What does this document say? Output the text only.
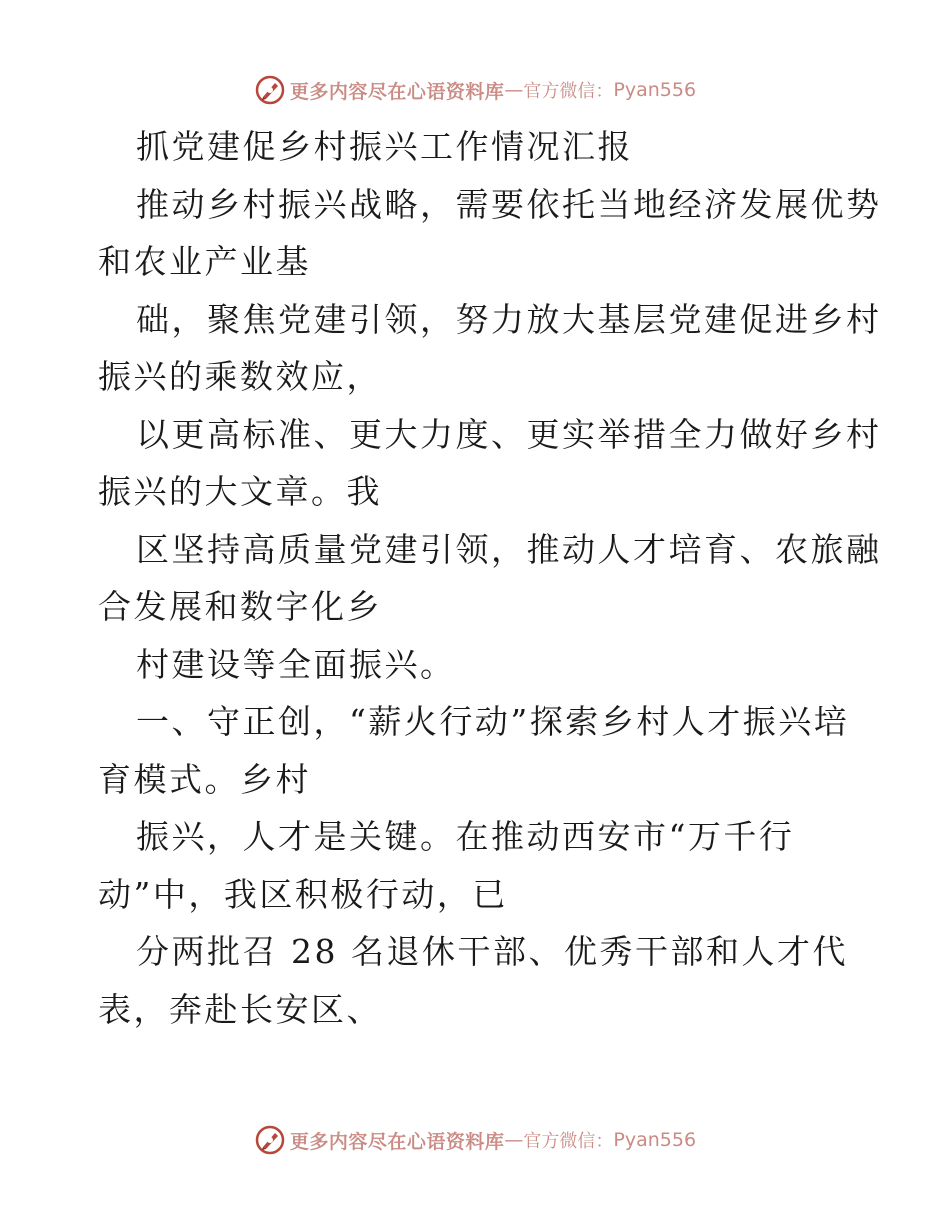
更多内容尽在心语资料库 — 官方微信： Pyan556
抓党建促乡村振兴工作情况汇报
推动乡村振兴战略，需要依托当地经济发展优势
和农业产业基
础，聚焦党建引领，努力放大基层党建促进乡村
振兴的乘数效应，
以更高标准、更大力度、更实举措全力做好乡村
振兴的大文章。我
区坚持高质量党建引领，推动人才培育、农旅融
合发展和数字化乡
村建设等全面振兴。
一、守正创，“薪火行动”探索乡村人才振兴培
育模式。乡村
振兴，人才是关键。在推动西安市“万千行
动”中，我区积极行动，已
分两批召 28 名退休干部、优秀干部和人才代
表，奔赴长安区、
更多内容尽在心语资料库 — 官方微信： Pyan556
